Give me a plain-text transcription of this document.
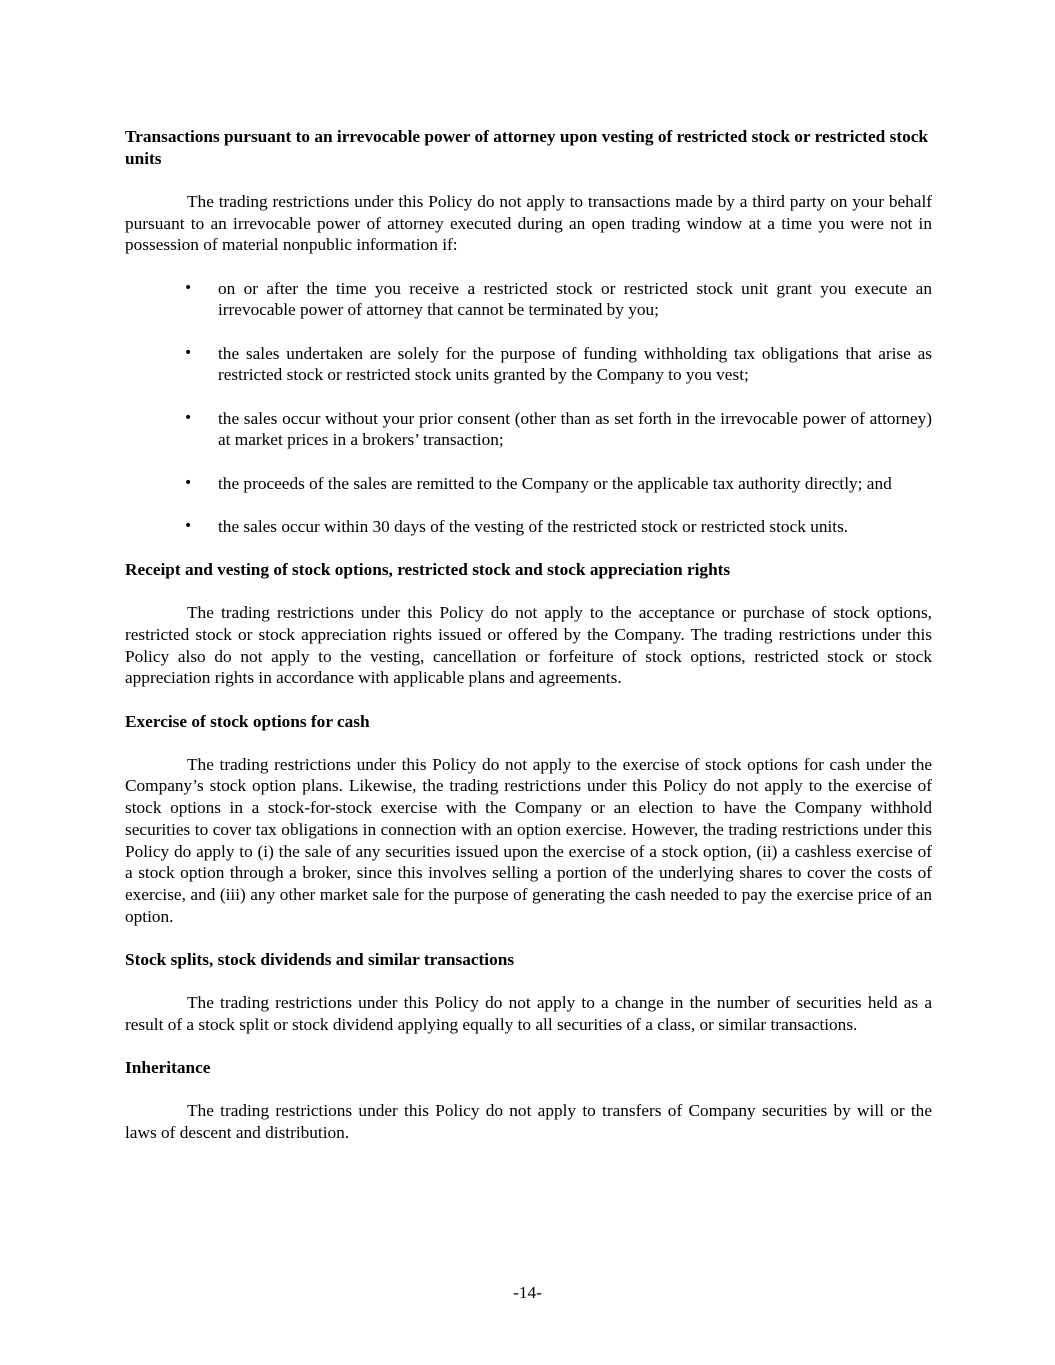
Transactions pursuant to an irrevocable power of attorney upon vesting of restricted stock or restricted stock units

The trading restrictions under this Policy do not apply to transactions made by a third party on your behalf pursuant to an irrevocable power of attorney executed during an open trading window at a time you were not in possession of material nonpublic information if:

• on or after the time you receive a restricted stock or restricted stock unit grant you execute an irrevocable power of attorney that cannot be terminated by you;
• the sales undertaken are solely for the purpose of funding withholding tax obligations that arise as restricted stock or restricted stock units granted by the Company to you vest;
• the sales occur without your prior consent (other than as set forth in the irrevocable power of attorney) at market prices in a brokers’ transaction;
• the proceeds of the sales are remitted to the Company or the applicable tax authority directly; and
• the sales occur within 30 days of the vesting of the restricted stock or restricted stock units.

Receipt and vesting of stock options, restricted stock and stock appreciation rights

The trading restrictions under this Policy do not apply to the acceptance or purchase of stock options, restricted stock or stock appreciation rights issued or offered by the Company. The trading restrictions under this Policy also do not apply to the vesting, cancellation or forfeiture of stock options, restricted stock or stock appreciation rights in accordance with applicable plans and agreements.

Exercise of stock options for cash

The trading restrictions under this Policy do not apply to the exercise of stock options for cash under the Company’s stock option plans. Likewise, the trading restrictions under this Policy do not apply to the exercise of stock options in a stock-for-stock exercise with the Company or an election to have the Company withhold securities to cover tax obligations in connection with an option exercise. However, the trading restrictions under this Policy do apply to (i) the sale of any securities issued upon the exercise of a stock option, (ii) a cashless exercise of a stock option through a broker, since this involves selling a portion of the underlying shares to cover the costs of exercise, and (iii) any other market sale for the purpose of generating the cash needed to pay the exercise price of an option.

Stock splits, stock dividends and similar transactions

The trading restrictions under this Policy do not apply to a change in the number of securities held as a result of a stock split or stock dividend applying equally to all securities of a class, or similar transactions.

Inheritance

The trading restrictions under this Policy do not apply to transfers of Company securities by will or the laws of descent and distribution.

-14-
